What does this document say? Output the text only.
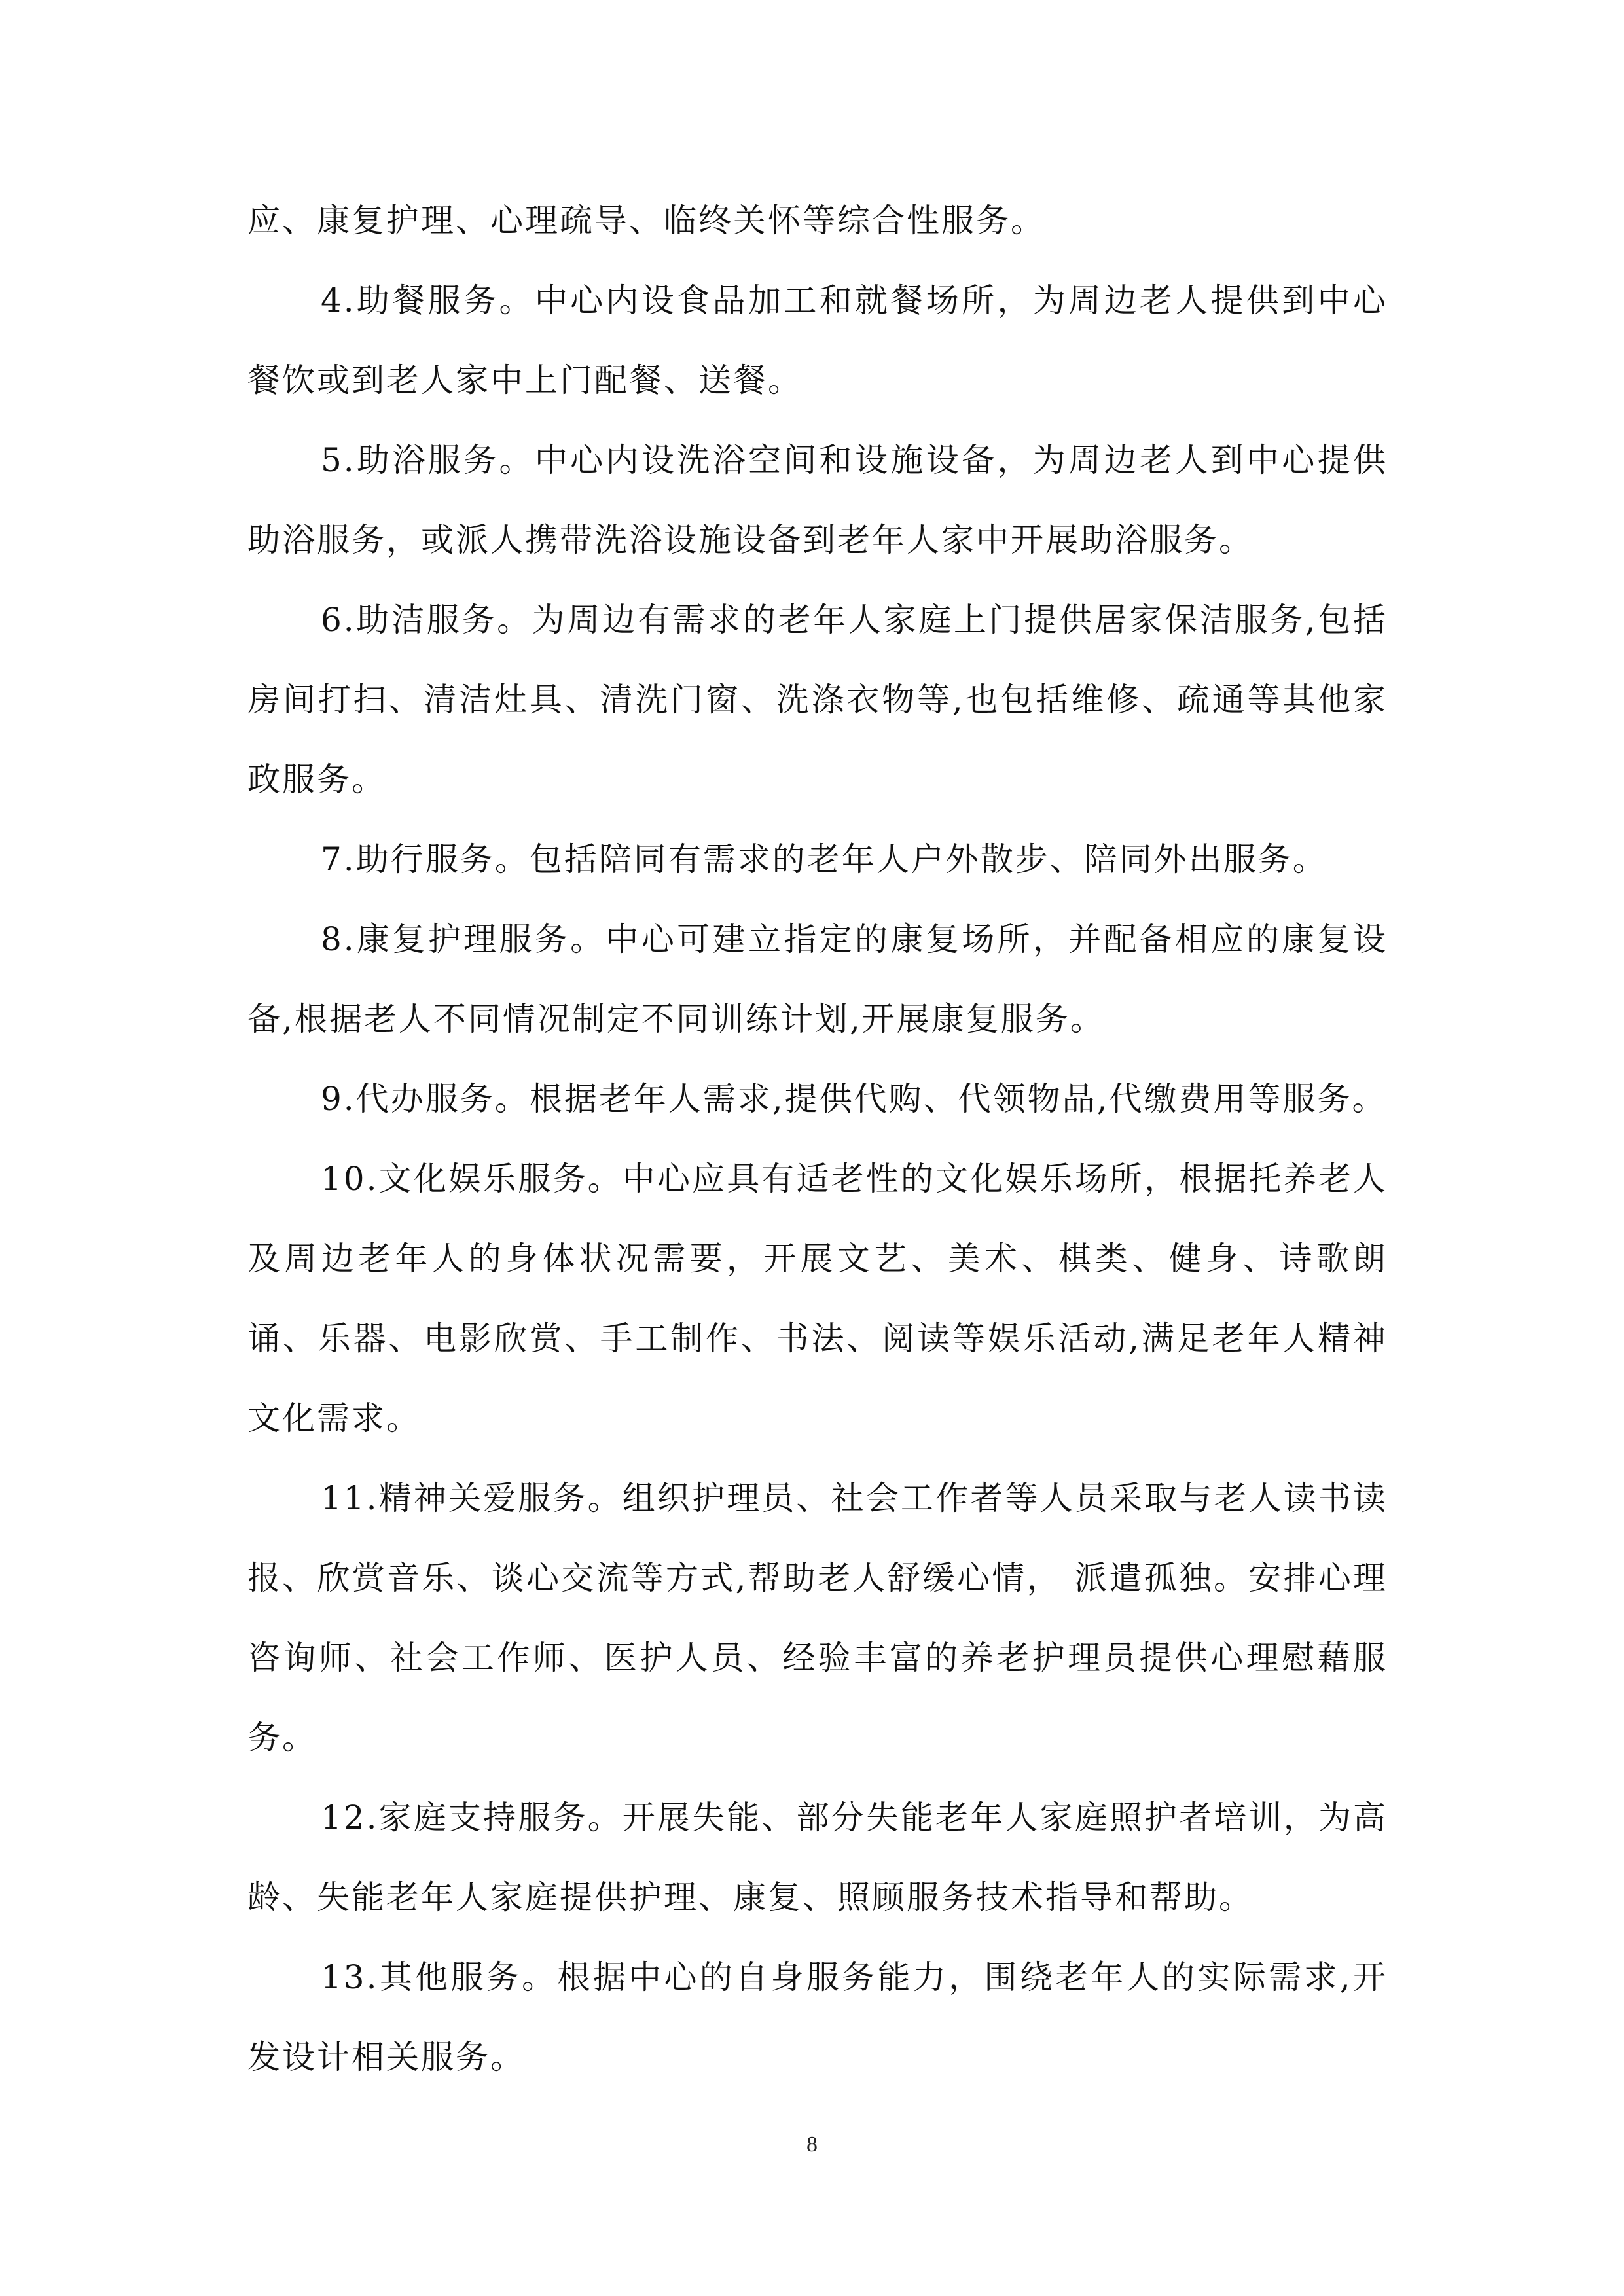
应、康复护理、心理疏导、临终关怀等综合性服务。

4.助餐服务。中心内设食品加工和就餐场所，为周边老人提供到中心餐饮或到老人家中上门配餐、送餐。

5.助浴服务。中心内设洗浴空间和设施设备，为周边老人到中心提供助浴服务，或派人携带洗浴设施设备到老年人家中开展助浴服务。

6.助洁服务。为周边有需求的老年人家庭上门提供居家保洁服务,包括房间打扫、清洁灶具、清洗门窗、洗涤衣物等,也包括维修、疏通等其他家政服务。

7.助行服务。包括陪同有需求的老年人户外散步、陪同外出服务。

8.康复护理服务。中心可建立指定的康复场所，并配备相应的康复设备,根据老人不同情况制定不同训练计划,开展康复服务。

9.代办服务。根据老年人需求,提供代购、代领物品,代缴费用等服务。

10.文化娱乐服务。中心应具有适老性的文化娱乐场所，根据托养老人及周边老年人的身体状况需要，开展文艺、美术、棋类、健身、诗歌朗诵、乐器、电影欣赏、手工制作、书法、阅读等娱乐活动,满足老年人精神文化需求。

11.精神关爱服务。组织护理员、社会工作者等人员采取与老人读书读报、欣赏音乐、谈心交流等方式,帮助老人舒缓心情， 派遣孤独。安排心理咨询师、社会工作师、医护人员、经验丰富的养老护理员提供心理慰藉服务。

12.家庭支持服务。开展失能、部分失能老年人家庭照护者培训，为高龄、失能老年人家庭提供护理、康复、照顾服务技术指导和帮助。

13.其他服务。根据中心的自身服务能力，围绕老年人的实际需求,开发设计相关服务。

8
